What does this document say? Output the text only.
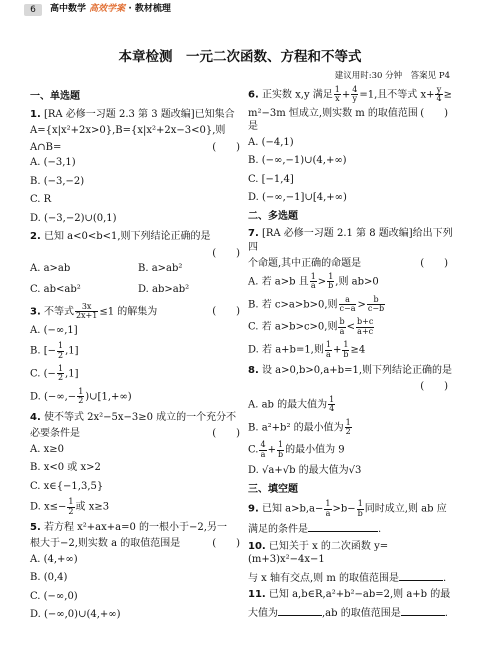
6	高中数学 高效学案 · 教材梳理
本章检测　一元二次函数、方程和不等式
建议用时:30 分钟　答案见 P4
一、单选题
1. [RA 必修一习题 2.3 第 3 题改编]已知集合
A={x|x²+2x>0},B={x|x²+2x−3<0},则
A∩B=	(　　)
A. (−3,1)
B. (−3,−2)
C. R
D. (−3,−2)∪(0,1)
2. 已知 a<0<b<1,则下列结论正确的是
(　　)
A. a>ab	B. a>ab²
C. ab<ab²	D. ab>ab²
3. 不等式 $\frac{3x}{2x+1} \le 1$ 的解集为	(　　)
A. (−∞,1]
B. [− $\frac{1}{2} ,1$]
C. (− $\frac{1}{2} ,1$]
D. (−∞,− $\frac{1}{2}$ )∪[1,+∞)
4. 使不等式 2x²−5x−3≥0 成立的一个充分不
必要条件是	(　　)
A. x≥0
B. x<0 或 x>2
C. x∈{−1,3,5}
D. $x\le- \frac{1}{2}$ 或 x≥3
5. 若方程 x²+ax+a=0 的一根小于−2,另一
根大于−2,则实数 a 的取值范围是	(　　)
A. (4,+∞)
B. (0,4)
C. (−∞,0)
D. (−∞,0)∪(4,+∞)
6. 正实数 x,y 满足 $\frac{1}{x} + \frac{4}{y} =1$,且不等式 $x+ \frac{y}{4}$ ≥
m²−3m 恒成立,则实数 m 的取值范围是
(　　)
A. (−4,1)
B. (−∞,−1)∪(4,+∞)
C. [−1,4]
D. (−∞,−1]∪[4,+∞)
二、多选题
7. [RA 必修一习题 2.1 第 8 题改编]给出下列四
个命题,其中正确的命题是	(　　)
A. 若 a>b 且 $\frac{1}{a} > \frac{1}{b}$ ,则 ab>0
B. 若 c>a>b>0,则 $\frac{a}{c-a} > \frac{b}{c-b}$
C. 若 a>b>c>0,则 $\frac{b}{a} < \frac{b+c}{a+c}$
D. 若 a+b=1,则 $\frac{1}{a} + \frac{1}{b} \ge 4$
8. 设 a>0,b>0,a+b=1,则下列结论正确的是
(　　)
A. ab 的最大值为 $\frac{1}{4}$
B. a²+b² 的最小值为 $\frac{1}{2}$
C. $\frac{4}{a} + \frac{1}{b}$ 的最小值为 9
D. √a+√b 的最大值为√3
三、填空题
9. 已知 $a>b,a- \frac{1}{a} >b- \frac{1}{b}$ 同时成立,则 ab 应
满足的条件是	.
10. 已知关于 x 的二次函数 y=(m+3)x²−4x−1
与 x 轴有交点,则 m 的取值范围是	.
11. 已知 a,b∈R,a²+b²−ab=2,则 a+b 的最
大值为	,ab 的取值范围是	.
